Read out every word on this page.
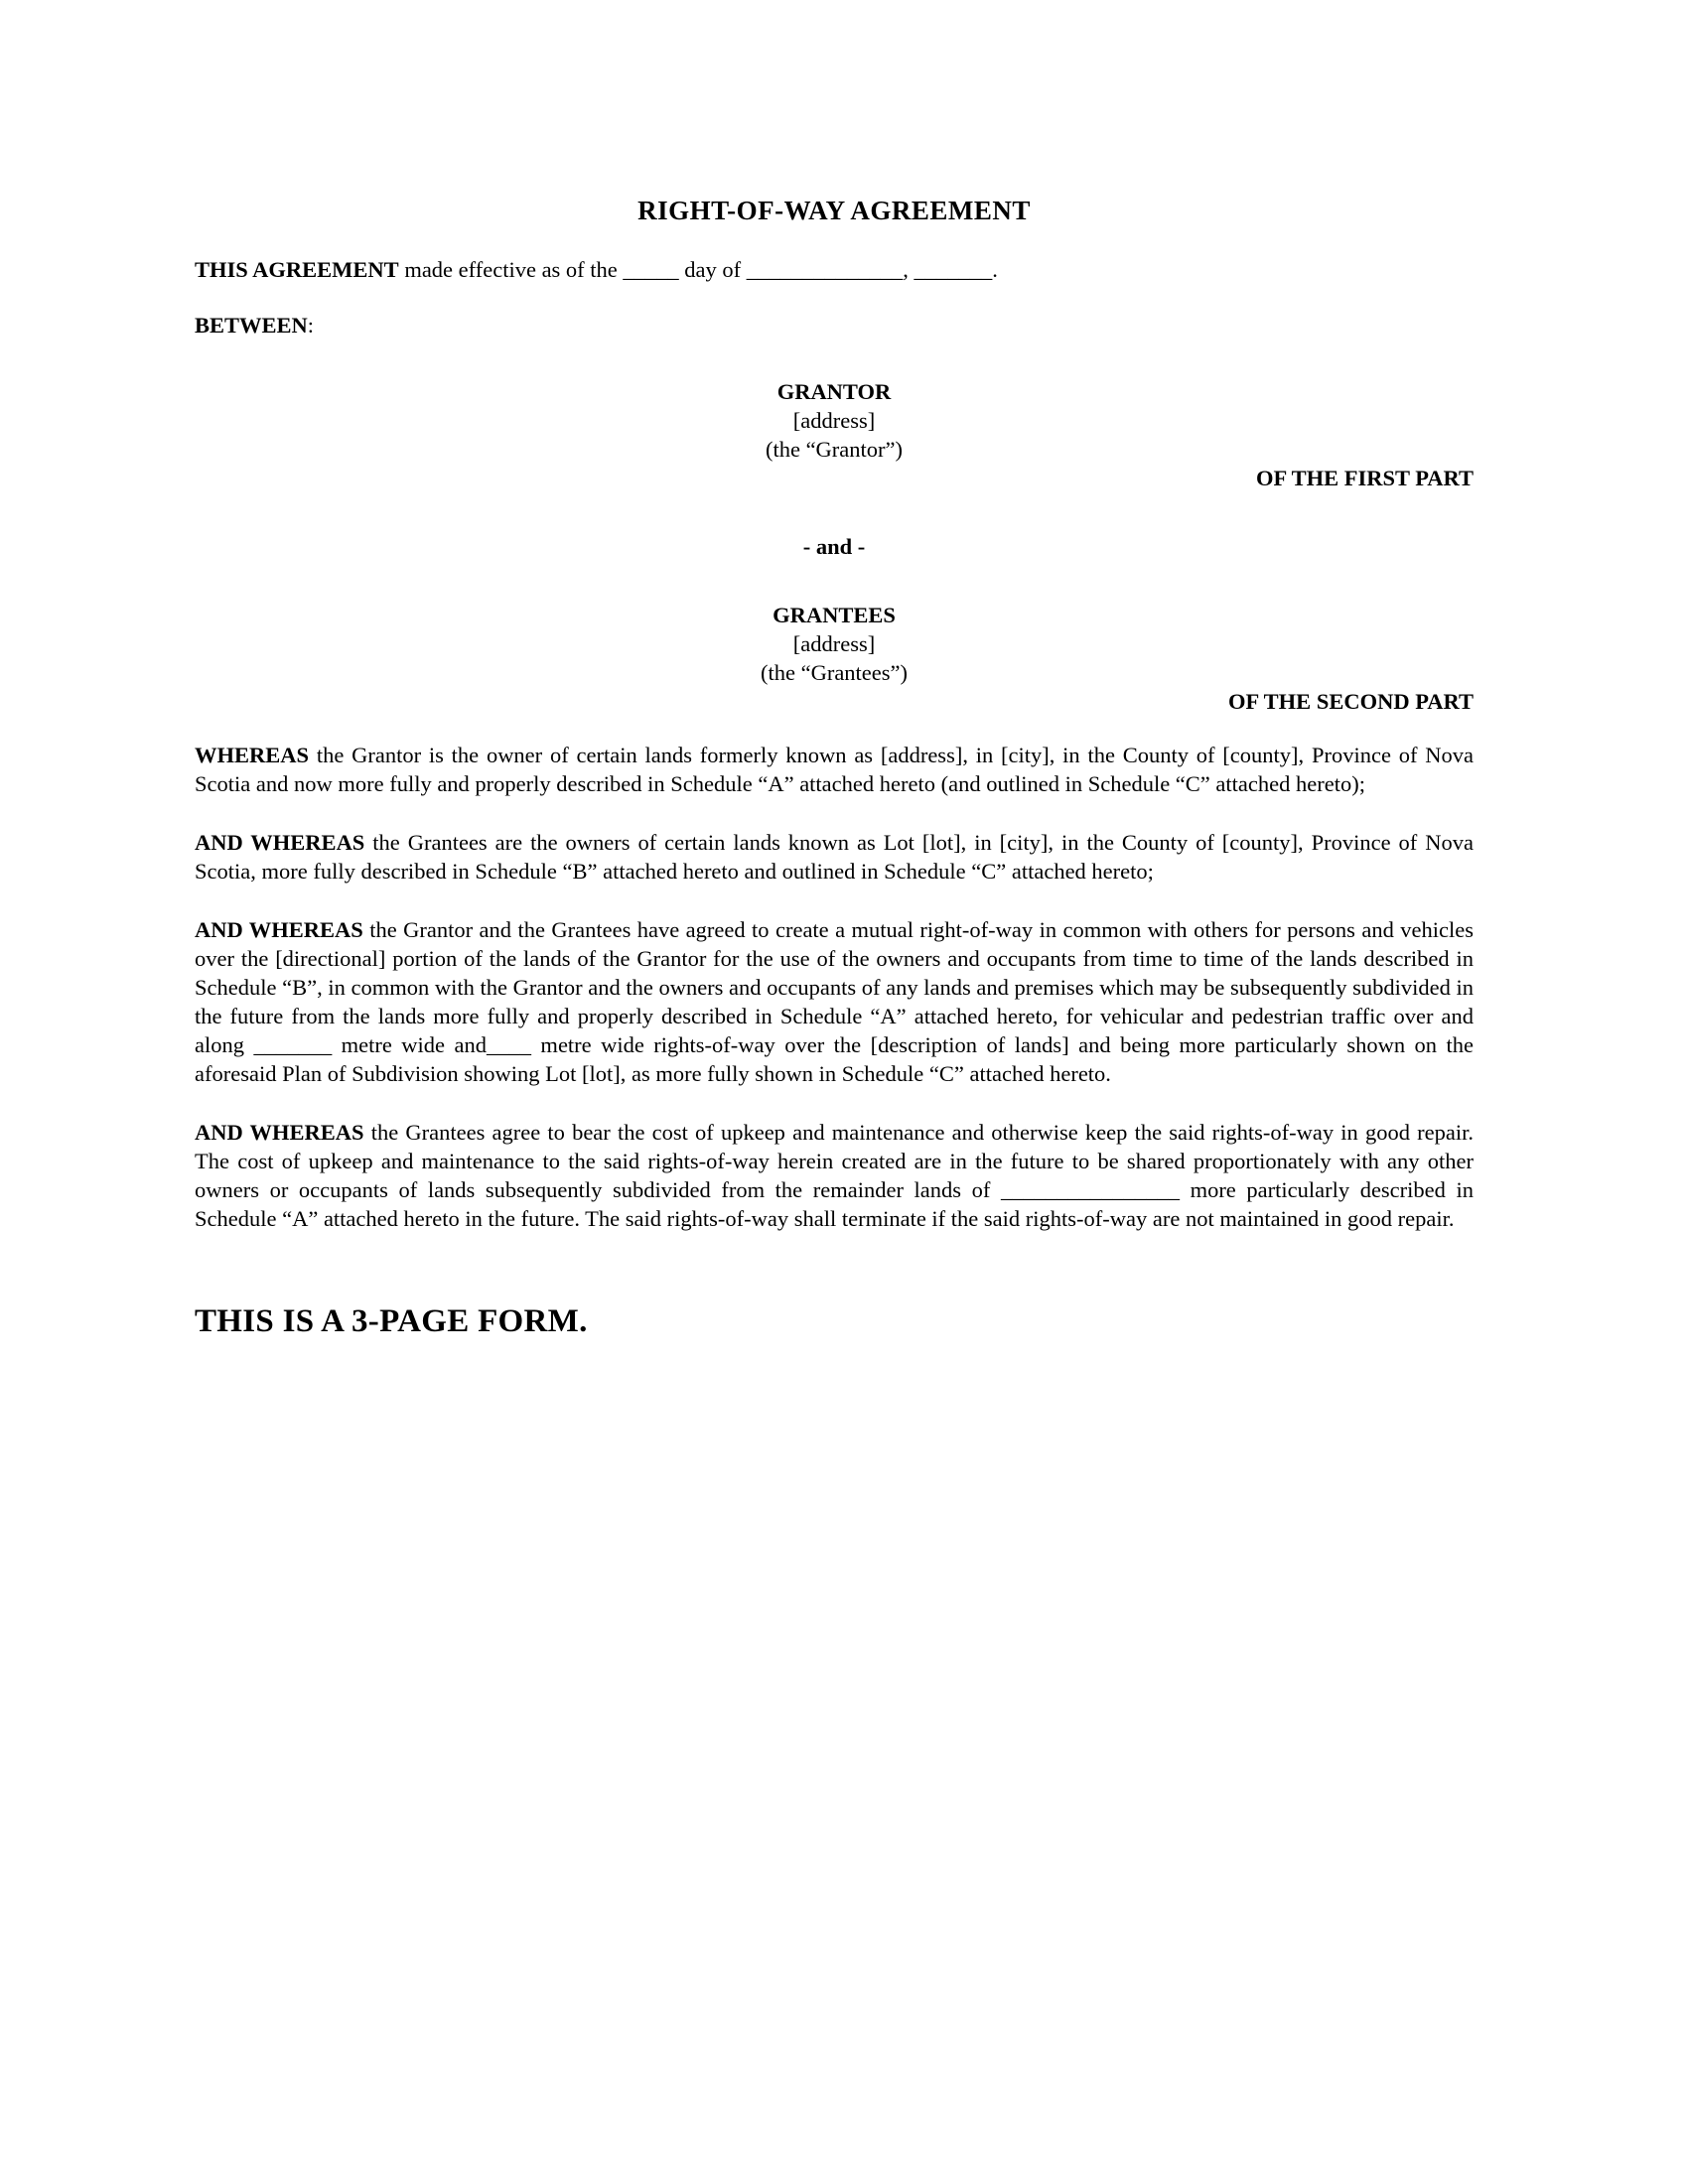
RIGHT-OF-WAY AGREEMENT

THIS AGREEMENT made effective as of the _____ day of ______________, _______.

BETWEEN:

GRANTOR
[address]
(the “Grantor”)

OF THE FIRST PART

- and -
GRANTEES
[address]
(the “Grantees”)

OF THE SECOND PART

WHEREAS the Grantor is the owner of certain lands formerly known as [address], in [city], in the County of [county], Province of Nova Scotia and now more fully and properly described in Schedule “A” attached hereto (and outlined in Schedule “C” attached hereto);

AND WHEREAS the Grantees are the owners of certain lands known as Lot [lot], in [city], in the County of [county], Province of Nova Scotia, more fully described in Schedule “B” attached hereto and outlined in Schedule “C” attached hereto;

AND WHEREAS the Grantor and the Grantees have agreed to create a mutual right-of-way in common with others for persons and vehicles over the [directional] portion of the lands of the Grantor for the use of the owners and occupants from time to time of the lands described in Schedule “B”, in common with the Grantor and the owners and occupants of any lands and premises which may be subsequently subdivided in the future from the lands more fully and properly described in Schedule “A” attached hereto, for vehicular and pedestrian traffic over and along _______ metre wide and____ metre wide rights-of-way over the [description of lands] and being more particularly shown on the aforesaid Plan of Subdivision showing Lot [lot], as more fully shown in Schedule “C” attached hereto.

AND WHEREAS the Grantees agree to bear the cost of upkeep and maintenance and otherwise keep the said rights-of-way in good repair. The cost of upkeep and maintenance to the said rights-of-way herein created are in the future to be shared proportionately with any other owners or occupants of lands subsequently subdivided from the remainder lands of ________________ more particularly described in Schedule “A” attached hereto in the future. The said rights-of-way shall terminate if the said rights-of-way are not maintained in good repair.

THIS IS A 3-PAGE FORM.
